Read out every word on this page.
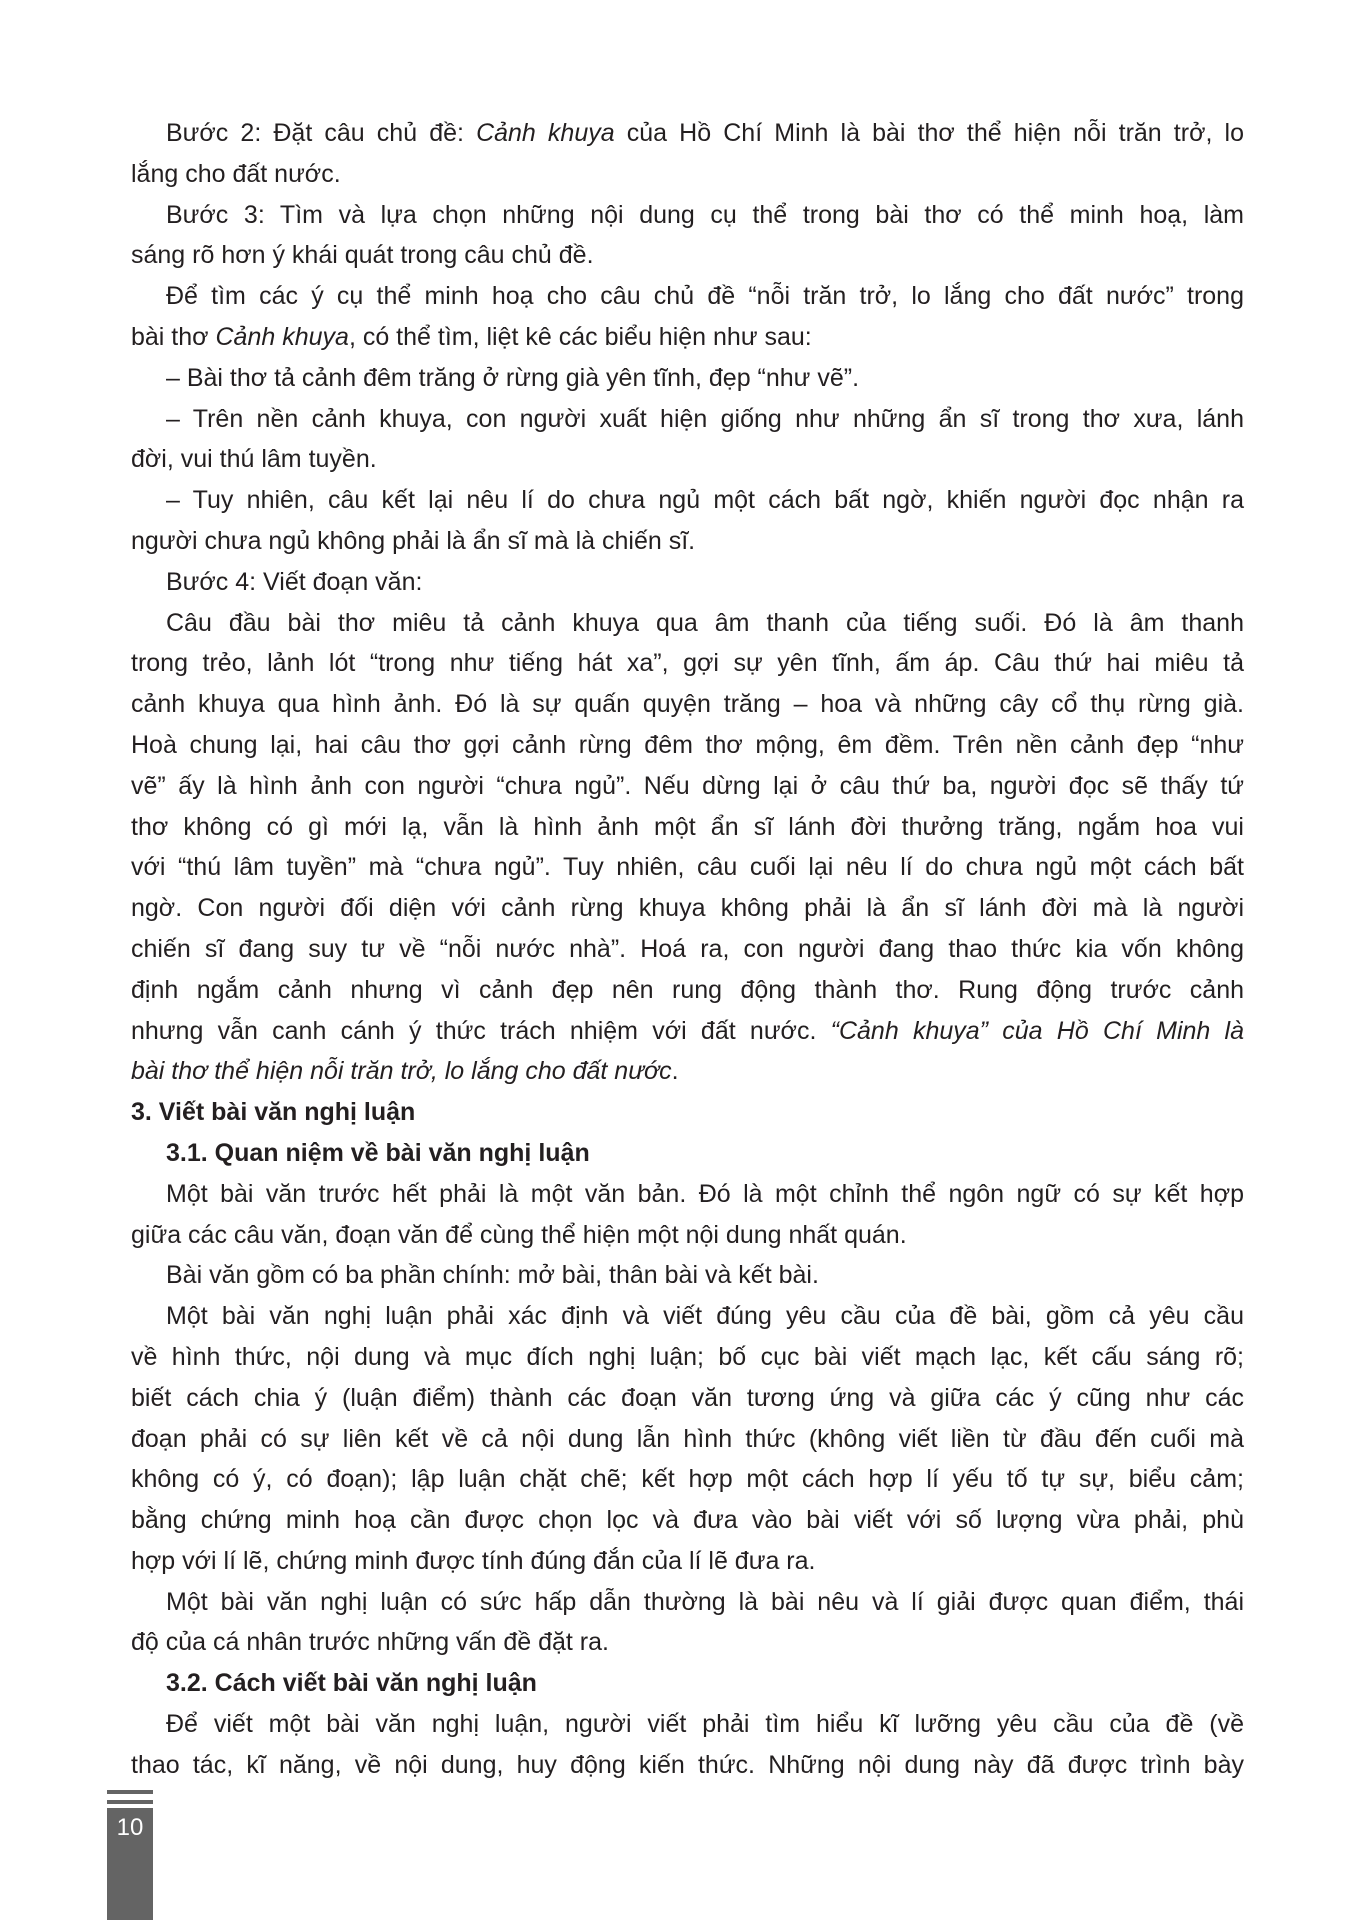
Bước 2: Đặt câu chủ đề: Cảnh khuya của Hồ Chí Minh là bài thơ thể hiện nỗi trăn trở, lo
lắng cho đất nước.
Bước 3: Tìm và lựa chọn những nội dung cụ thể trong bài thơ có thể minh hoạ, làm
sáng rõ hơn ý khái quát trong câu chủ đề.
Để tìm các ý cụ thể minh hoạ cho câu chủ đề “nỗi trăn trở, lo lắng cho đất nước” trong
bài thơ Cảnh khuya, có thể tìm, liệt kê các biểu hiện như sau:
– Bài thơ tả cảnh đêm trăng ở rừng già yên tĩnh, đẹp “như vẽ”.
– Trên nền cảnh khuya, con người xuất hiện giống như những ẩn sĩ trong thơ xưa, lánh
đời, vui thú lâm tuyền.
– Tuy nhiên, câu kết lại nêu lí do chưa ngủ một cách bất ngờ, khiến người đọc nhận ra
người chưa ngủ không phải là ẩn sĩ mà là chiến sĩ.
Bước 4: Viết đoạn văn:
Câu đầu bài thơ miêu tả cảnh khuya qua âm thanh của tiếng suối. Đó là âm thanh
trong trẻo, lảnh lót “trong như tiếng hát xa”, gợi sự yên tĩnh, ấm áp. Câu thứ hai miêu tả
cảnh khuya qua hình ảnh. Đó là sự quấn quyện trăng – hoa và những cây cổ thụ rừng già.
Hoà chung lại, hai câu thơ gợi cảnh rừng đêm thơ mộng, êm đềm. Trên nền cảnh đẹp “như
vẽ” ấy là hình ảnh con người “chưa ngủ”. Nếu dừng lại ở câu thứ ba, người đọc sẽ thấy tứ
thơ không có gì mới lạ, vẫn là hình ảnh một ẩn sĩ lánh đời thưởng trăng, ngắm hoa vui
với “thú lâm tuyền” mà “chưa ngủ”. Tuy nhiên, câu cuối lại nêu lí do chưa ngủ một cách bất
ngờ. Con người đối diện với cảnh rừng khuya không phải là ẩn sĩ lánh đời mà là người
chiến sĩ đang suy tư về “nỗi nước nhà”. Hoá ra, con người đang thao thức kia vốn không
định ngắm cảnh nhưng vì cảnh đẹp nên rung động thành thơ. Rung động trước cảnh
nhưng vẫn canh cánh ý thức trách nhiệm với đất nước. “Cảnh khuya” của Hồ Chí Minh là
bài thơ thể hiện nỗi trăn trở, lo lắng cho đất nước.
3. Viết bài văn nghị luận
3.1. Quan niệm về bài văn nghị luận
Một bài văn trước hết phải là một văn bản. Đó là một chỉnh thể ngôn ngữ có sự kết hợp
giữa các câu văn, đoạn văn để cùng thể hiện một nội dung nhất quán.
Bài văn gồm có ba phần chính: mở bài, thân bài và kết bài.
Một bài văn nghị luận phải xác định và viết đúng yêu cầu của đề bài, gồm cả yêu cầu
về hình thức, nội dung và mục đích nghị luận; bố cục bài viết mạch lạc, kết cấu sáng rõ;
biết cách chia ý (luận điểm) thành các đoạn văn tương ứng và giữa các ý cũng như các
đoạn phải có sự liên kết về cả nội dung lẫn hình thức (không viết liền từ đầu đến cuối mà
không có ý, có đoạn); lập luận chặt chẽ; kết hợp một cách hợp lí yếu tố tự sự, biểu cảm;
bằng chứng minh hoạ cần được chọn lọc và đưa vào bài viết với số lượng vừa phải, phù
hợp với lí lẽ, chứng minh được tính đúng đắn của lí lẽ đưa ra.
Một bài văn nghị luận có sức hấp dẫn thường là bài nêu và lí giải được quan điểm, thái
độ của cá nhân trước những vấn đề đặt ra.
3.2. Cách viết bài văn nghị luận
Để viết một bài văn nghị luận, người viết phải tìm hiểu kĩ lưỡng yêu cầu của đề (về
thao tác, kĩ năng, về nội dung, huy động kiến thức. Những nội dung này đã được trình bày
10
